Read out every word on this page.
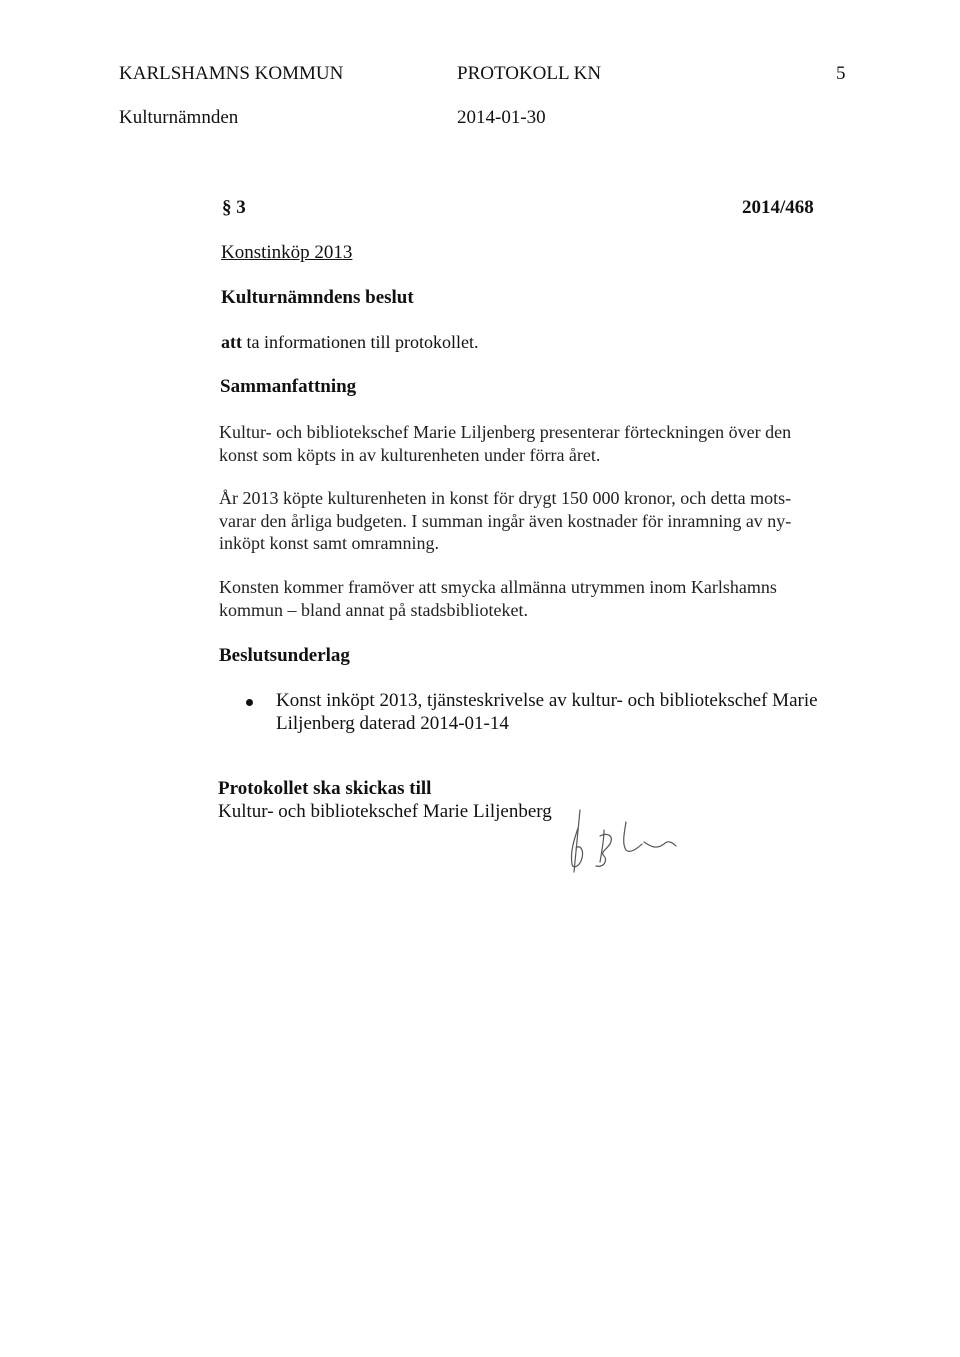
KARLSHAMNS KOMMUN	PROTOKOLL KN	5
Kulturnämnden	2014-01-30
§ 3	2014/468
Konstinköp 2013
Kulturnämndens beslut
att ta informationen till protokollet.
Sammanfattning
Kultur- och bibliotekschef Marie Liljenberg presenterar förteckningen över den
konst som köpts in av kulturenheten under förra året.
År 2013 köpte kulturenheten in konst för drygt 150 000 kronor, och detta mots-
varar den årliga budgeten. I summan ingår även kostnader för inramning av ny-
inköpt konst samt omramning.
Konsten kommer framöver att smycka allmänna utrymmen inom Karlshamns
kommun – bland annat på stadsbiblioteket.
Beslutsunderlag
Konst inköpt 2013, tjänsteskrivelse av kultur- och bibliotekschef Marie
Liljenberg daterad 2014-01-14
Protokollet ska skickas till
Kultur- och bibliotekschef Marie Liljenberg
